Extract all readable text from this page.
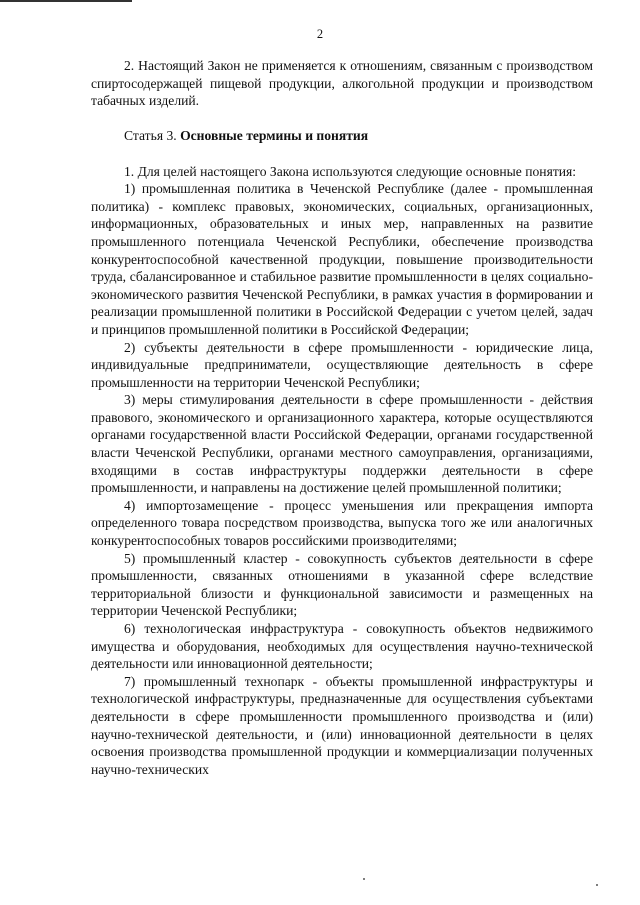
2

2. Настоящий Закон не применяется к отношениям, связанным с производством спиртосодержащей пищевой продукции, алкогольной продукции и производством табачных изделий.

Статья 3. Основные термины и понятия

1. Для целей настоящего Закона используются следующие основные понятия:

1) промышленная политика в Чеченской Республике (далее - промышленная политика) - комплекс правовых, экономических, социальных, организационных, информационных, образовательных и иных мер, направленных на развитие промышленного потенциала Чеченской Республики, обеспечение производства конкурентоспособной качественной продукции, повышение производительности труда, сбалансированное и стабильное развитие промышленности в целях социально-экономического развития Чеченской Республики, в рамках участия в формировании и реализации промышленной политики в Российской Федерации с учетом целей, задач и принципов промышленной политики в Российской Федерации;

2) субъекты деятельности в сфере промышленности - юридические лица, индивидуальные предприниматели, осуществляющие деятельность в сфере промышленности на территории Чеченской Республики;

3) меры стимулирования деятельности в сфере промышленности - действия правового, экономического и организационного характера, которые осуществляются органами государственной власти Российской Федерации, органами государственной власти Чеченской Республики, органами местного самоуправления, организациями, входящими в состав инфраструктуры поддержки деятельности в сфере промышленности, и направлены на достижение целей промышленной политики;

4) импортозамещение - процесс уменьшения или прекращения импорта определенного товара посредством производства, выпуска того же или аналогичных конкурентоспособных товаров российскими производителями;

5) промышленный кластер - совокупность субъектов деятельности в сфере промышленности, связанных отношениями в указанной сфере вследствие территориальной близости и функциональной зависимости и размещенных на территории Чеченской Республики;

6) технологическая инфраструктура - совокупность объектов недвижимого имущества и оборудования, необходимых для осуществления научно-технической деятельности или инновационной деятельности;

7) промышленный технопарк - объекты промышленной инфраструктуры и технологической инфраструктуры, предназначенные для осуществления субъектами деятельности в сфере промышленности промышленного производства и (или) научно-технической деятельности, и (или) инновационной деятельности в целях освоения производства промышленной продукции и коммерциализации полученных научно-технических
